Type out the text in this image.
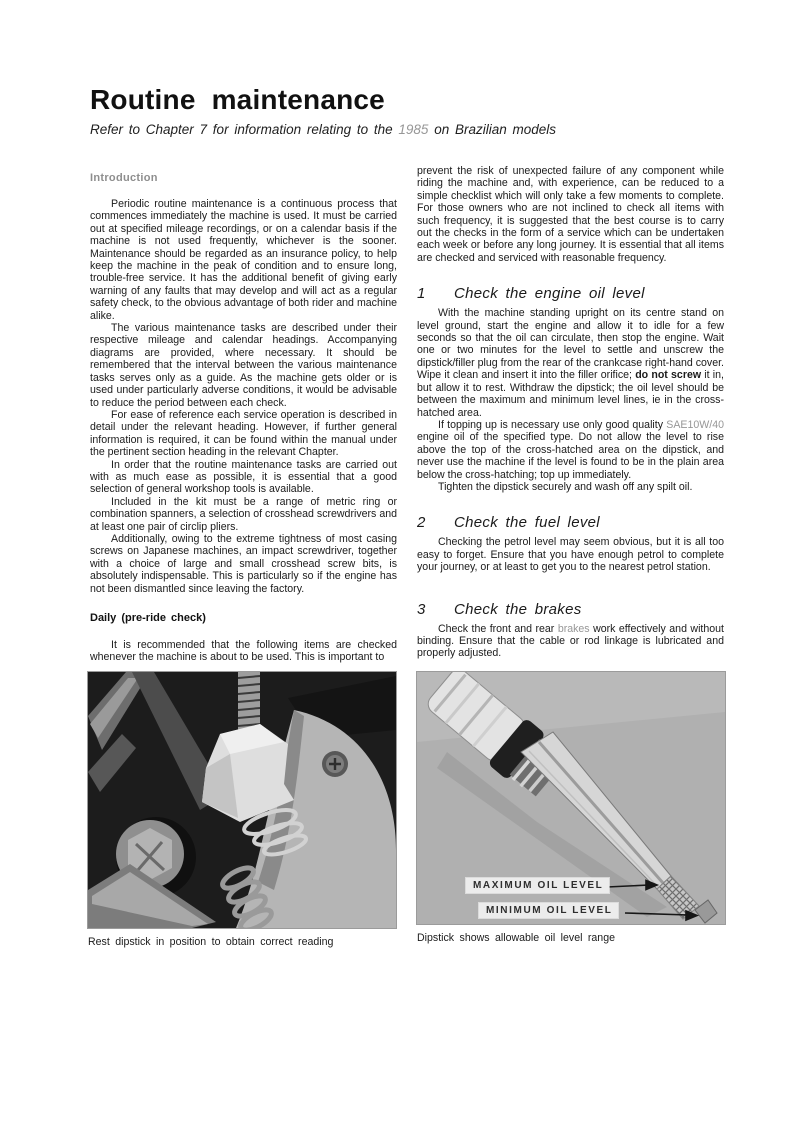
Routine maintenance

Refer to Chapter 7 for information relating to the 1985 on Brazilian models

Introduction

Periodic routine maintenance is a continuous process that commences immediately the machine is used. It must be carried out at specified mileage recordings, or on a calendar basis if the machine is not used frequently, whichever is the sooner. Maintenance should be regarded as an insurance policy, to help keep the machine in the peak of condition and to ensure long, trouble-free service. It has the additional benefit of giving early warning of any faults that may develop and will act as a regular safety check, to the obvious advantage of both rider and machine alike.

The various maintenance tasks are described under their respective mileage and calendar headings. Accompanying diagrams are provided, where necessary. It should be remembered that the interval between the various maintenance tasks serves only as a guide. As the machine gets older or is used under particularly adverse conditions, it would be advisable to reduce the period between each check.

For ease of reference each service operation is described in detail under the relevant heading. However, if further general information is required, it can be found within the manual under the pertinent section heading in the relevant Chapter.

In order that the routine maintenance tasks are carried out with as much ease as possible, it is essential that a good selection of general workshop tools is available.

Included in the kit must be a range of metric ring or combination spanners, a selection of crosshead screwdrivers and at least one pair of circlip pliers.

Additionally, owing to the extreme tightness of most casing screws on Japanese machines, an impact screwdriver, together with a choice of large and small crosshead screw bits, is absolutely indispensable. This is particularly so if the engine has not been dismantled since leaving the factory.

Daily (pre-ride check)

It is recommended that the following items are checked whenever the machine is about to be used. This is important to

prevent the risk of unexpected failure of any component while riding the machine and, with experience, can be reduced to a simple checklist which will only take a few moments to complete. For those owners who are not inclined to check all items with such frequency, it is suggested that the best course is to carry out the checks in the form of a service which can be undertaken each week or before any long journey. It is essential that all items are checked and serviced with reasonable frequency.

1 Check the engine oil level

With the machine standing upright on its centre stand on level ground, start the engine and allow it to idle for a few seconds so that the oil can circulate, then stop the engine. Wait one or two minutes for the level to settle and unscrew the dipstick/filler plug from the rear of the crankcase right-hand cover. Wipe it clean and insert it into the filler orifice; do not screw it in, but allow it to rest. Withdraw the dipstick; the oil level should be between the maximum and minimum level lines, ie in the cross-hatched area.

If topping up is necessary use only good quality SAE10W/40 engine oil of the specified type. Do not allow the level to rise above the top of the cross-hatched area on the dipstick, and never use the machine if the level is found to be in the plain area below the cross-hatching; top up immediately.

Tighten the dipstick securely and wash off any spilt oil.

2 Check the fuel level

Checking the petrol level may seem obvious, but it is all too easy to forget. Ensure that you have enough petrol to complete your journey, or at least to get you to the nearest petrol station.

3 Check the brakes

Check the front and rear brakes work effectively and without binding. Ensure that the cable or rod linkage is lubricated and properly adjusted.

Rest dipstick in position to obtain correct reading
MAXIMUM OIL LEVEL
MINIMUM OIL LEVEL
Dipstick shows allowable oil level range
